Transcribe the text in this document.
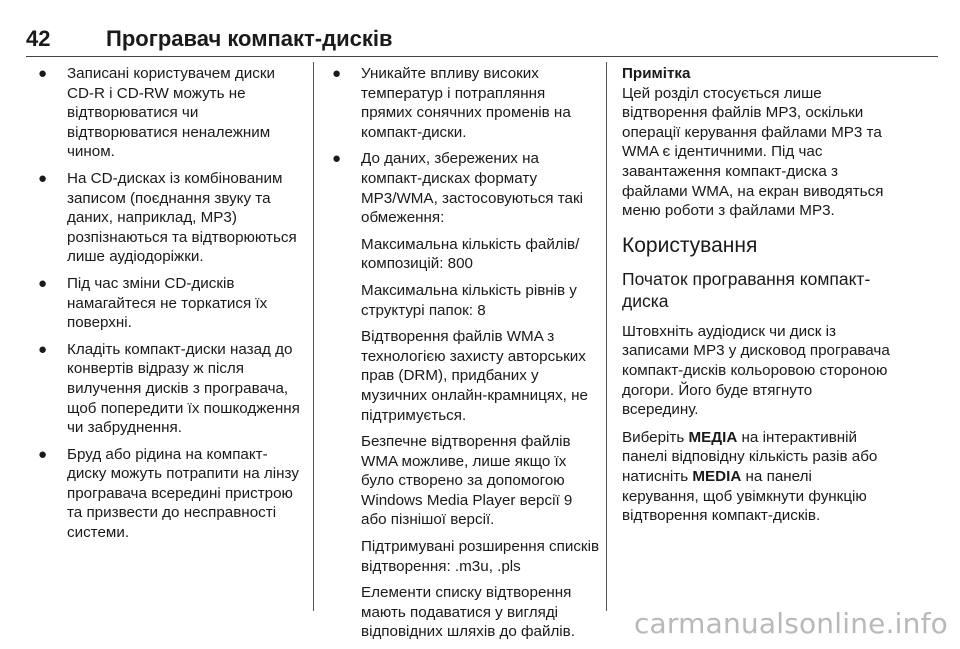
42	Програвач компакт-дисків
● Записані користувачем диски CD-R і CD-RW можуть не відтворюватися чи відтворюватися неналежним чином.
● На CD-дисках із комбінованим записом (поєднання звуку та даних, наприклад, MP3) розпізнаються та відтворюються лише аудіодоріжки.
● Під час зміни CD-дисків намагайтеся не торкатися їх поверхні.
● Кладіть компакт-диски назад до конвертів відразу ж після вилучення дисків з програвача, щоб попередити їх пошкодження чи забруднення.
● Бруд або рідина на компакт-диску можуть потрапити на лінзу програвача всередині пристрою та призвести до несправності системи.
● Уникайте впливу високих температур і потрапляння прямих сонячних променів на компакт-диски.
● До даних, збережених на компакт-дисках формату MP3/WMA, застосовуються такі обмеження:
Максимальна кількість файлів/композицій: 800
Максимальна кількість рівнів у структурі папок: 8
Відтворення файлів WMA з технологією захисту авторських прав (DRM), придбаних у музичних онлайн-крамницях, не підтримується.
Безпечне відтворення файлів WMA можливе, лише якщо їх було створено за допомогою Windows Media Player версії 9 або пізнішої версії.
Підтримувані розширення списків відтворення: .m3u, .pls
Елементи списку відтворення мають подаватися у вигляді відповідних шляхів до файлів.

Примітка

Цей розділ стосується лише відтворення файлів MP3, оскільки операції керування файлами MP3 та WMA є ідентичними. Під час завантаження компакт-диска з файлами WMA, на екран виводяться меню роботи з файлами MP3.

Користування
Початок програвання компакт-диска

Штовхніть аудіодиск чи диск із записами MP3 у дисковод програвача компакт-дисків кольоровою стороною догори. Його буде втягнуто всередину.

Виберіть МЕДІА на інтерактивній панелі відповідну кількість разів або натисніть MEDIA на панелі керування, щоб увімкнути функцію відтворення компакт-дисків.

carmanualsonline.info
